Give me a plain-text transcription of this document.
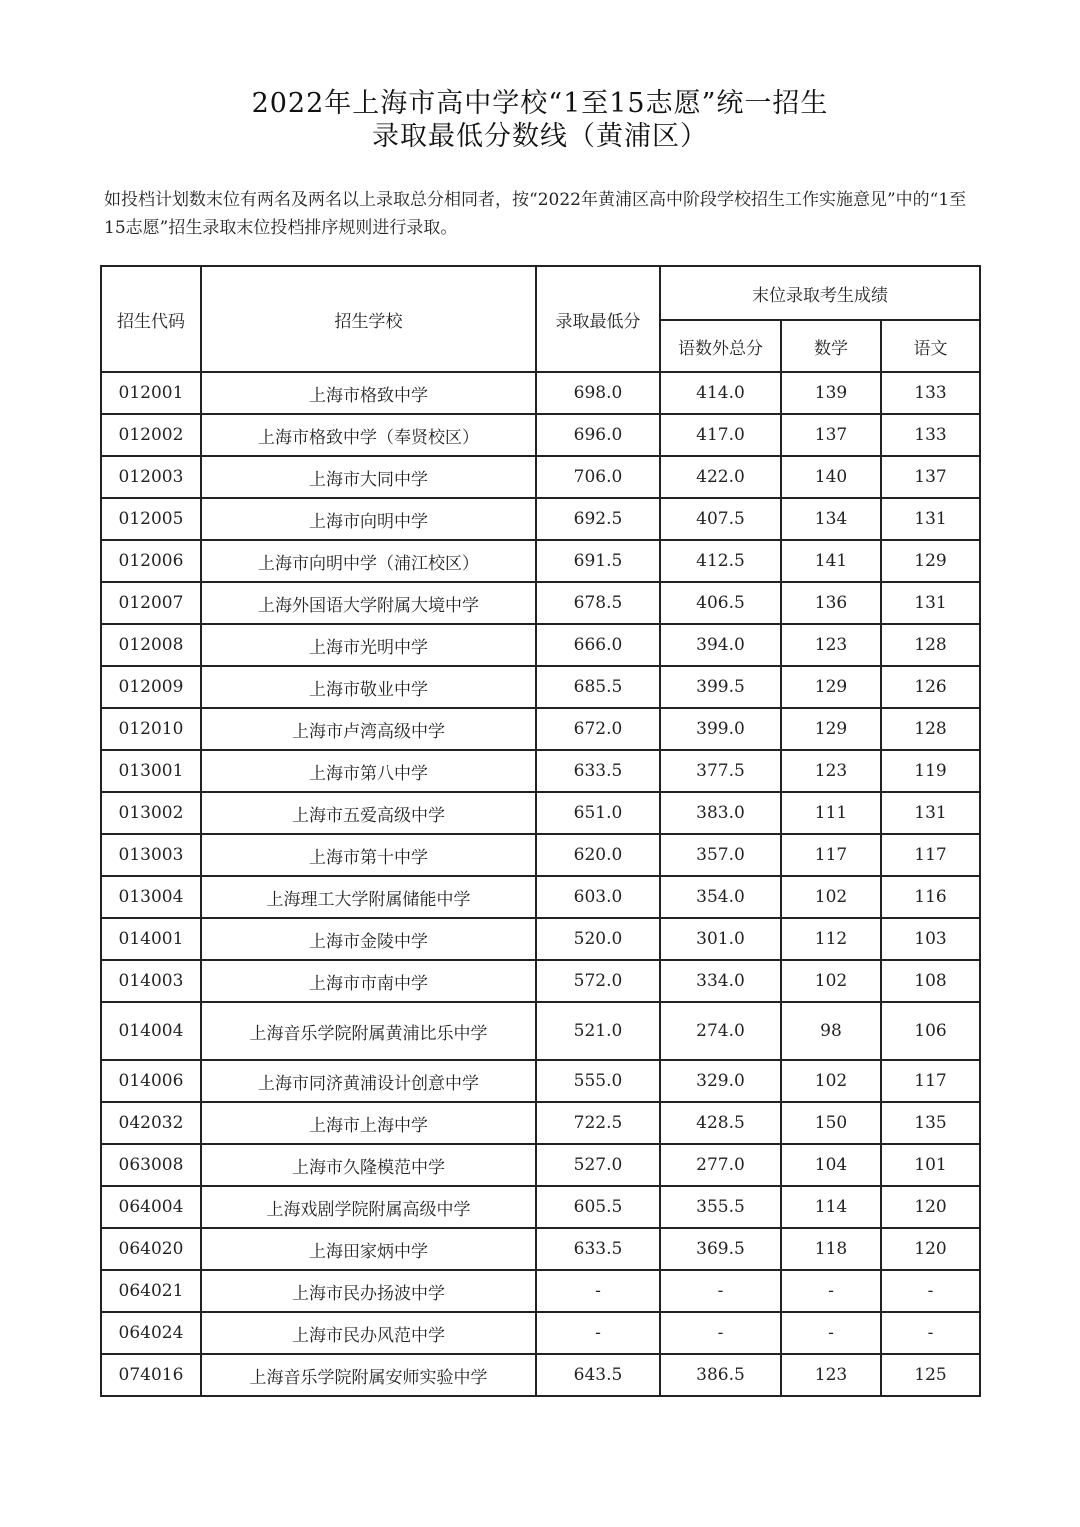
2022年上海市高中学校“1至15志愿”统一招生
录取最低分数线（黄浦区）
如投档计划数末位有两名及两名以上录取总分相同者，按“2022年黄浦区高中阶段学校招生工作实施意见”中的“1至15志愿”招生录取末位投档排序规则进行录取。
招生代码	招生学校	录取最低分	末位录取考生成绩		
			语数外总分	数学	语文
012001	上海市格致中学	698.0	414.0	139	133
012002	上海市格致中学（奉贤校区）	696.0	417.0	137	133
012003	上海市大同中学	706.0	422.0	140	137
012005	上海市向明中学	692.5	407.5	134	131
012006	上海市向明中学（浦江校区）	691.5	412.5	141	129
012007	上海外国语大学附属大境中学	678.5	406.5	136	131
012008	上海市光明中学	666.0	394.0	123	128
012009	上海市敬业中学	685.5	399.5	129	126
012010	上海市卢湾高级中学	672.0	399.0	129	128
013001	上海市第八中学	633.5	377.5	123	119
013002	上海市五爱高级中学	651.0	383.0	111	131
013003	上海市第十中学	620.0	357.0	117	117
013004	上海理工大学附属储能中学	603.0	354.0	102	116
014001	上海市金陵中学	520.0	301.0	112	103
014003	上海市市南中学	572.0	334.0	102	108
014004	上海音乐学院附属黄浦比乐中学	521.0	274.0	98	106
014006	上海市同济黄浦设计创意中学	555.0	329.0	102	117
042032	上海市上海中学	722.5	428.5	150	135
063008	上海市久隆模范中学	527.0	277.0	104	101
064004	上海戏剧学院附属高级中学	605.5	355.5	114	120
064020	上海田家炳中学	633.5	369.5	118	120
064021	上海市民办扬波中学	-	-	-	-
064024	上海市民办风范中学	-	-	-	-
074016	上海音乐学院附属安师实验中学	643.5	386.5	123	125
